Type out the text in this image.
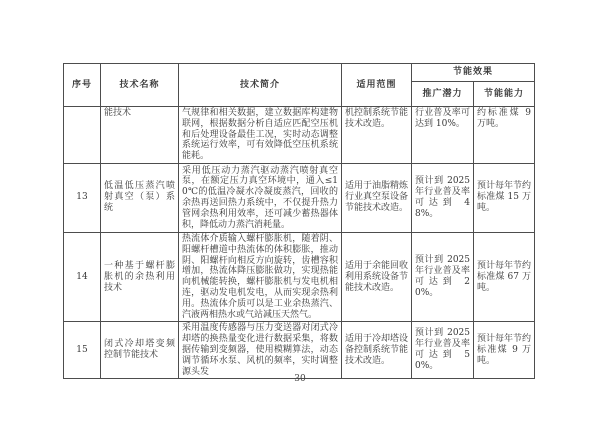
序号	技术名称	技术简介	适用范围	节能效果	
				推广潜力	节能能力
	能技术	气规律和相关数据，建立数据库构建物联网，根据数据分析自适应匹配空压机和后处理设备最佳工况，实时动态调整系统运行效率，可有效降低空压机系统能耗。	机控制系统节能技术改造。	行业普及率可达到 10%。	约标准煤 9 万吨。
13	低温低压蒸汽喷射真空（泵）系统	采用低压动力蒸汽驱动蒸汽喷射真空泵，在额定压力真空环境中，通入≤10℃的低温冷凝水冷凝废蒸汽，回收的余热再送回热力系统中，不仅提升热力管网余热利用效率，还可减少蓄热器体积，降低动力蒸汽消耗量。	适用于油脂精炼行业真空泵设备节能技术改造。	预计到 2025 年行业普及率可达到 48%。	预计每年节约标准煤 15 万吨。
14	一种基于螺杆膨胀机的余热利用技术	热流体介质输入螺杆膨胀机，随着阴、阳螺杆槽道中热流体的体积膨胀，推动阴、阳螺杆向相反方向旋转，齿槽容积增加，热流体降压膨胀做功，实现热能向机械能转换，螺杆膨胀机与发电机相连，驱动发电机发电，从而实现余热利用。热流体介质可以是工业余热蒸汽、汽液两相热水或气站减压天然气。	适用于余能回收利用系统设备节能技术改造。	预计到 2025 年行业普及率可达到 20%。	预计每年节约标准煤 67 万吨。
15	闭式冷却塔变频控制节能技术	采用温度传感器与压力变送器对闭式冷却塔的换热量变化进行数据采集，将数据传输到变频器，使用模糊算法，动态调节循环水泵、风机的频率，实时调整源头发	适用于冷却塔设备控制系统节能技术改造。	预计到 2025 年行业普及率可达到 50%。	预计每年节约标准煤 9 万吨。
30
